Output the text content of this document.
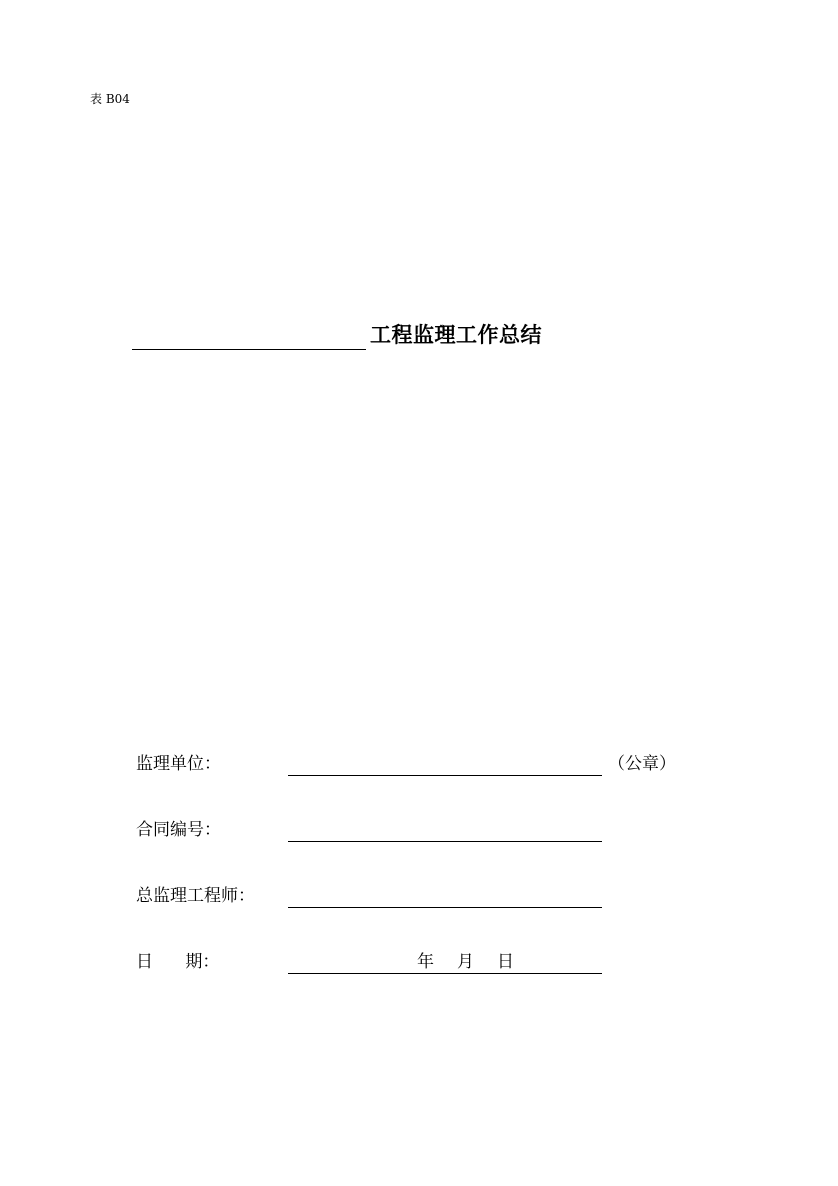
表 B04
工程监理工作总结
监理单位：	（公章）
合同编号：
总监理工程师：
日      期：	年 月 日
